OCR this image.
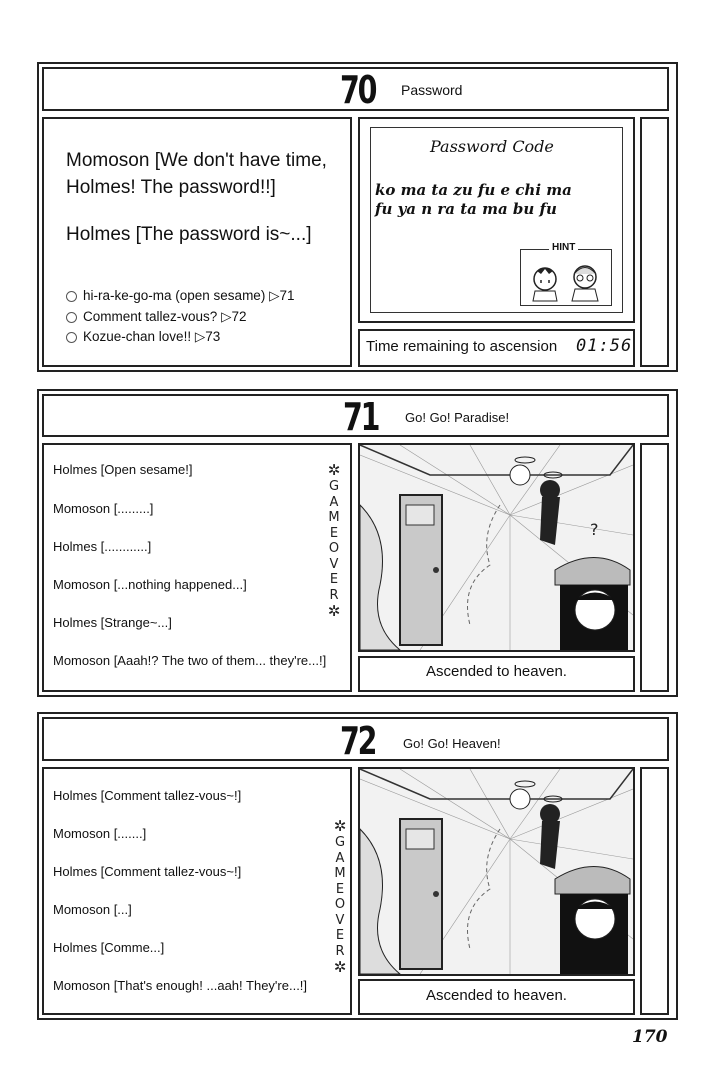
70 Password
Momoson [We don't have time,
Holmes! The password!!]
Holmes [The password is~...]
hi-ra-ke-go-ma (open sesame) ▷71
Comment tallez-vous? ▷72
Kozue-chan love!! ▷73
Password Code
ko ma ta zu fu e chi ma
fu ya n ra ta ma bu fu
HINT
Time remaining to ascension 01:56
71 Go! Go! Paradise!
Holmes [Open sesame!]
Momoson [.........]
Holmes [............]
Momoson [...nothing happened...]
Holmes [Strange~...]
Momoson [Aaah!? The two of them... they're...!]
✲
GAME OVER
✲
?
Ascended to heaven.
72 Go! Go! Heaven!
Holmes [Comment tallez-vous~!]
Momoson [.......]
Holmes [Comment tallez-vous~!]
Momoson [...]
Holmes [Comme...]
Momoson [That's enough! ...aah! They're...!]
✲
GAME OVER
✲
Ascended to heaven.
170
